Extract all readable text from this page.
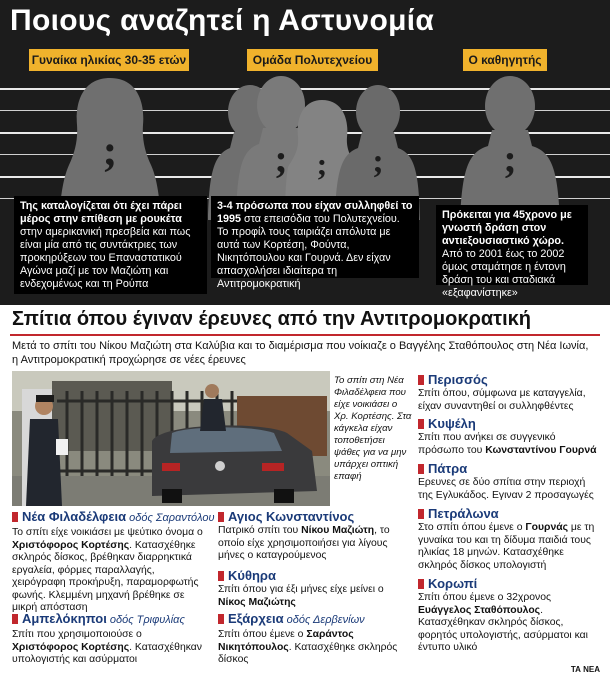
Ποιους αναζητεί η Αστυνομία
Γυναίκα ηλικίας 30-35 ετών	Ομάδα Πολυτεχνείου	Ο καθηγητής
;	; ; ;	;
Της καταλογίζεται ότι έχει πάρει μέρος στην επίθεση με ρουκέτα στην αμερικανική πρεσβεία και πως είναι μία από τις συντάκτριες των προκηρύξεων του Επαναστατικού Αγώνα μαζί με τον Μαζιώτη και ενδεχομένως και τη Ρούπα
3-4 πρόσωπα που είχαν συλληφθεί το 1995 στα επεισόδια του Πολυτεχνείου. Το προφίλ τους ταιριάζει απόλυτα με αυτά των Κορτέση, Φούντα, Νικητόπουλου και Γουρνά. Δεν είχαν απασχολήσει ιδιαίτερα τη Αντιτρομοκρατική
Πρόκειται για 45χρονο με γνωστή δράση στον αντιεξουσιαστικό χώρο. Από το 2001 έως το 2002 όμως σταμάτησε η έντονη δράση του και σταδιακά «εξαφανίστηκε»
Σπίτια όπου έγιναν έρευνες από την Αντιτρομοκρατική
Μετά το σπίτι του Νίκου Μαζιώτη στα Καλύβια και το διαμέρισμα που νοίκιαζε ο Βαγγέλης Σταθόπουλος στη Νέα Ιωνία, η Αντιτρομοκρατική προχώρησε σε νέες έρευνες
Το σπίτι στη Νέα Φιλαδέλφεια που είχε νοικιάσει ο Χρ. Κορτέσης. Στα κάγκελα είχαν τοποθετήσει ψάθες για να μην υπάρχει οπτική επαφή
Νέα Φιλαδέλφεια οδός Σαραντόλου
Το σπίτι είχε νοικιάσει με ψεύτικο όνομα ο Χριστόφορος Κορτέσης. Κατασχέθηκε σκληρός δίσκος, βρέθηκαν διαρρηκτικά εργαλεία, φόρμες παραλλαγής, χειρόγραφη προκήρυξη, παραμορφωτής φωνής. Κλεμμένη μηχανή βρέθηκε σε μικρή απόσταση
Αμπελόκηποι οδός Τριφυλίας
Σπίτι που χρησιμοποιούσε ο Χριστόφορος Κορτέσης. Κατασχέθηκαν υπολογιστής και ασύρματοι
Αγιος Κωνσταντίνος
Πατρικό σπίτι του Νίκου Μαζιώτη, το οποίο είχε χρησιμοποιήσει για λίγους μήνες ο καταγρούμενος
Κύθηρα
Σπίτι όπου για έξι μήνες είχε μείνει ο Νίκος Μαζιώτης
Εξάρχεια οδός Δερβενίων
Σπίτι όπου έμενε ο Σαράντος Νικητόπουλος. Κατασχέθηκε σκληρός δίσκος
Περισσός
Σπίτι όπου, σύμφωνα με καταγγελία, είχαν συναντηθεί οι συλληφθέντες
Κυψέλη
Σπίτι που ανήκει σε συγγενικό πρόσωπο του Κωνσταντίνου Γουρνά
Πάτρα
Ερευνες σε δύο σπίτια στην περιοχή της Εγλυκάδος. Εγιναν 2 προσαγωγές
Πετράλωνα
Στο σπίτι όπου έμενε ο Γουρνάς με τη γυναίκα του και τη δίδυμα παιδιά τους ηλικίας 18 μηνών. Κατασχέθηκε σκληρός δίσκος υπολογιστή
Κορωπί
Σπίτι όπου έμενε ο 32χρονος Ευάγγελος Σταθόπουλος. Κατασχέθηκαν σκληρός δίσκος, φορητός υπολογιστής, ασύρματοι και έντυπο υλικό
ΤΑ ΝΕΑ
